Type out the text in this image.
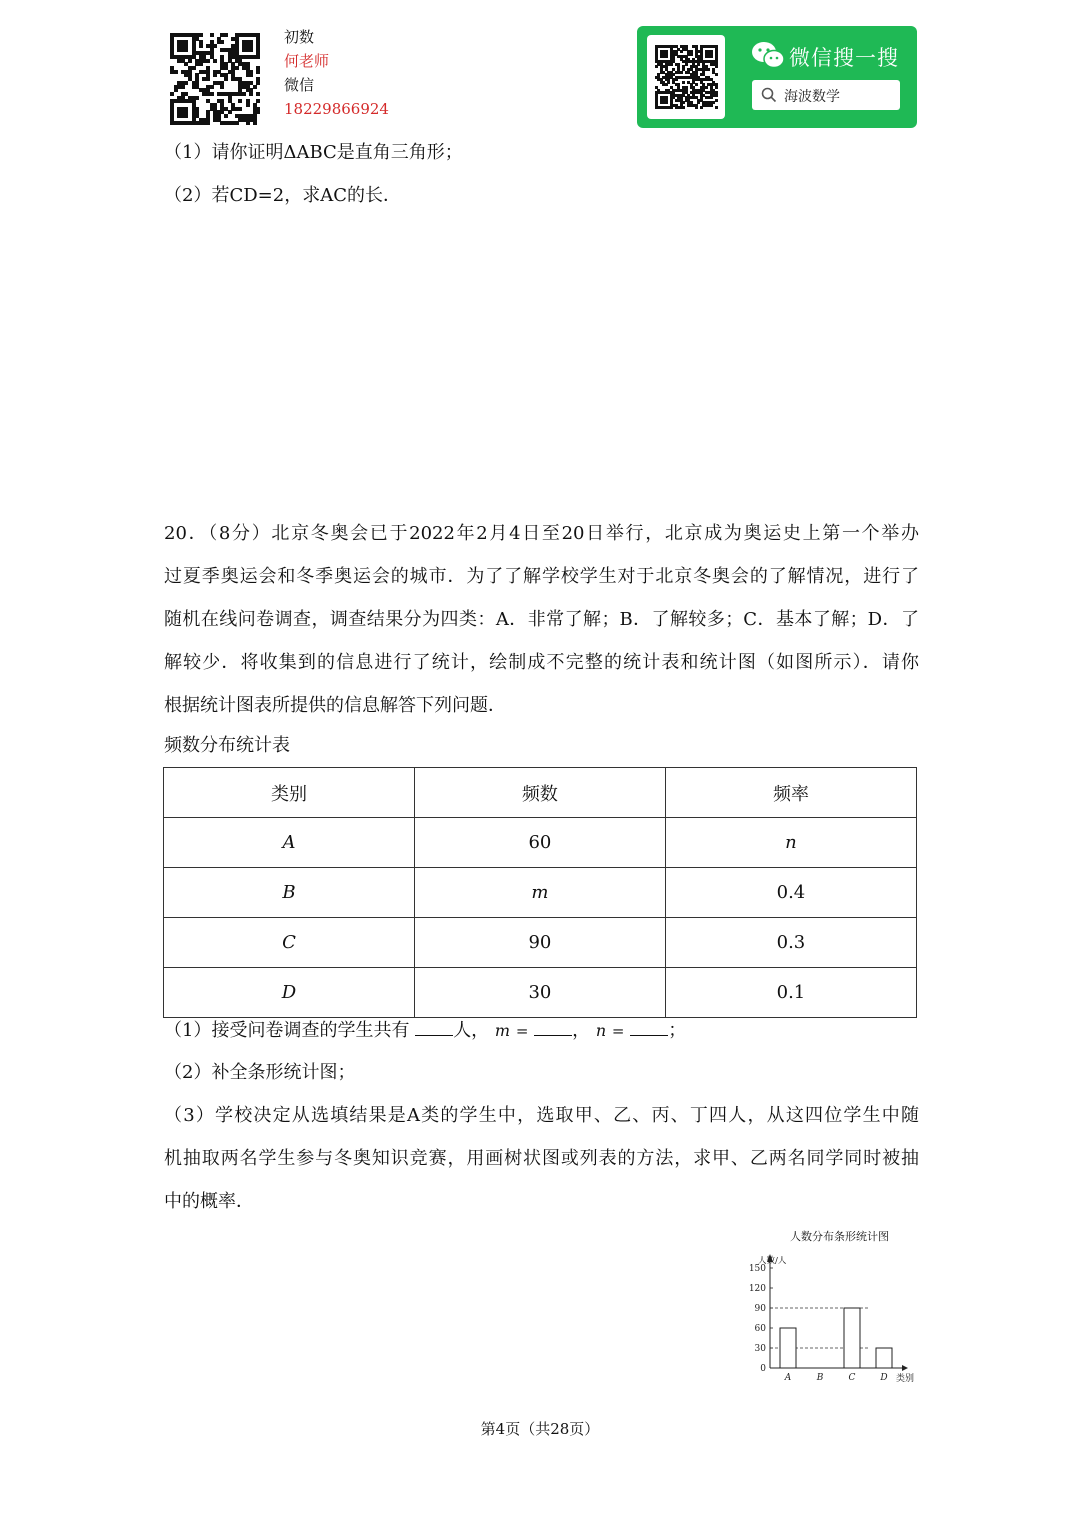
初数
何老师
微信
18229866924
微信搜一搜
海波数学
（1）请你证明ΔABC是直角三角形；
（2）若CD=2，求AC的长．
20．（8分）北京冬奥会已于2022年2月4日至20日举行，北京成为奥运史上第一个举办
过夏季奥运会和冬季奥运会的城市．为了了解学校学生对于北京冬奥会的了解情况，进行了
随机在线问卷调查，调查结果分为四类：A．非常了解；B．了解较多；C．基本了解；D．了
解较少．将收集到的信息进行了统计，绘制成不完整的统计表和统计图（如图所示）．请你
根据统计图表所提供的信息解答下列问题．
频数分布统计表
类别	频数	频率
A	60	n
B	m	0.4
C	90	0.3
D	30	0.1
（1）接受问卷调查的学生共有 人， m = ， n = ；
（2）补全条形统计图；
（3）学校决定从选填结果是A类的学生中，选取甲、乙、丙、丁四人，从这四位学生中随
机抽取两名学生参与冬奥知识竞赛，用画树状图或列表的方法，求甲、乙两名同学同时被抽
中的概率．
人数分布条形统计图
人数/人
类别
0
30
60
90
120
150
A	B	C	D
第4页（共28页）
